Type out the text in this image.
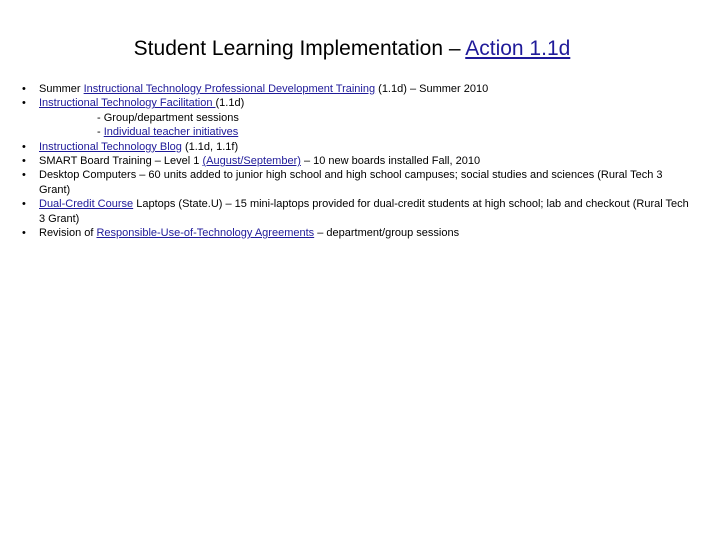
Student Learning Implementation – Action 1.1d
•	Summer Instructional Technology Professional Development Training (1.1d) – Summer 2010
•	Instructional Technology Facilitation (1.1d)
- Group/department sessions
- Individual teacher initiatives
•	Instructional Technology Blog (1.1d, 1.1f)
•	SMART Board Training – Level 1 (August/September) – 10 new boards installed Fall, 2010
•	Desktop Computers – 60 units added to junior high school and high school campuses; social studies and sciences (Rural Tech 3 Grant)
•	Dual-Credit Course Laptops (State.U) – 15 mini-laptops provided for dual-credit students at high school; lab and checkout (Rural Tech 3 Grant)
•	Revision of Responsible-Use-of-Technology Agreements – department/group sessions
